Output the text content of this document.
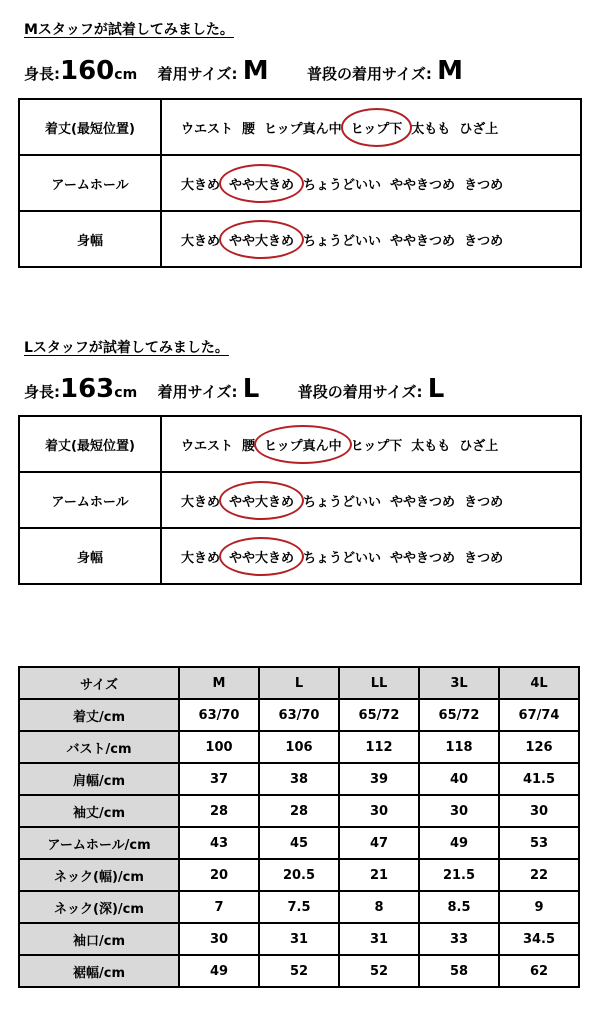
Mスタッフが試着してみました。
身長:160cm 着用サイズ: M	普段の着用サイズ: M
着丈(最短位置)	ウエスト 腰 ヒップ真ん中 ヒップ下 太もも ひざ上
アームホール	大きめ やや大きめ ちょうどいい ややきつめ きつめ
身幅	大きめ やや大きめ ちょうどいい ややきつめ きつめ
Lスタッフが試着してみました。
身長:163cm 着用サイズ: L	普段の着用サイズ: L
着丈(最短位置)	ウエスト 腰 ヒップ真ん中 ヒップ下 太もも ひざ上
アームホール	大きめ やや大きめ ちょうどいい ややきつめ きつめ
身幅	大きめ やや大きめ ちょうどいい ややきつめ きつめ
サイズ	M	L	LL	3L	4L
着丈/cm	63/70	63/70	65/72	65/72	67/74
バスト/cm	100	106	112	118	126
肩幅/cm	37	38	39	40	41.5
袖丈/cm	28	28	30	30	30
アームホール/cm	43	45	47	49	53
ネック(幅)/cm	20	20.5	21	21.5	22
ネック(深)/cm	7	7.5	8	8.5	9
袖口/cm	30	31	31	33	34.5
裾幅/cm	49	52	52	58	62
